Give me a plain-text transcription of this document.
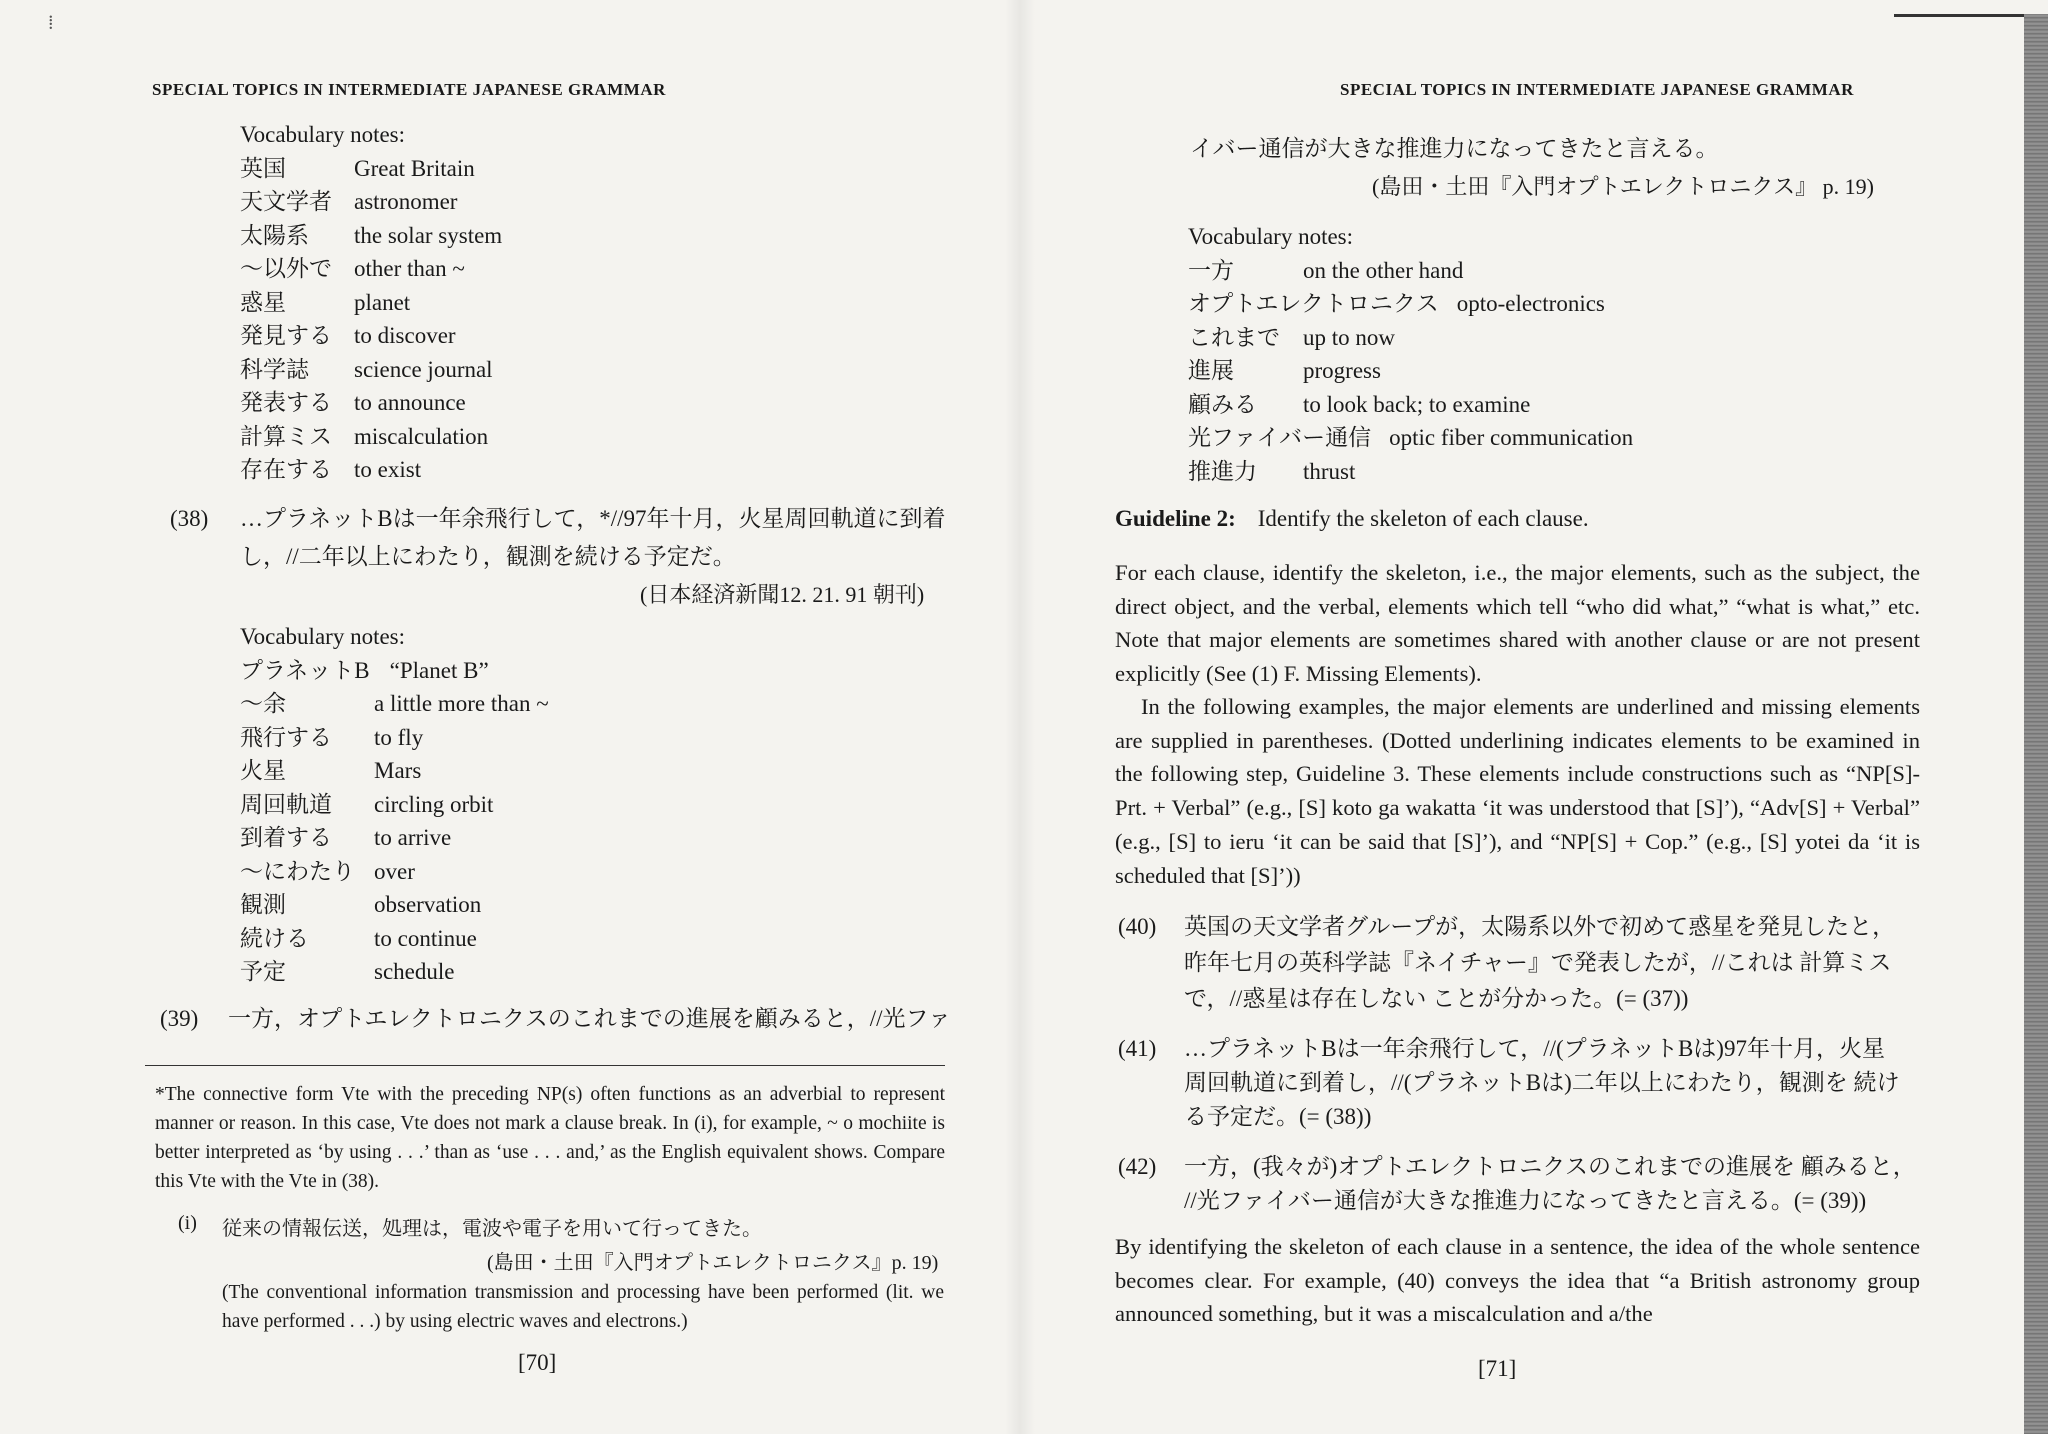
⁞
SPECIAL TOPICS IN INTERMEDIATE JAPANESE GRAMMAR
Vocabulary notes:
英国	Great Britain
天文学者 astronomer
太陽系 the solar system
～以外で other than ~
惑星	planet
発見する to discover
科学誌 science journal
発表する to announce
計算ミス miscalculation
存在する to exist
(38) …プラネットBは一年余飛行して，*//97年十月，火星周回軌道に到着
し，//二年以上にわたり，観測を続ける予定だ。
(日本経済新聞12. 21. 91 朝刊)
Vocabulary notes:
プラネットB “Planet B”
～余	a little more than ~
飛行する to fly
火星	Mars
周回軌道 circling orbit
到着する to arrive
～にわたり over
観測	observation
続ける	to continue
予定	schedule
(39) 一方，オプトエレクトロニクスのこれまでの進展を顧みると，//光ファ
*The connective form Vte with the preceding NP(s) often functions as an adverbial to represent manner or reason. In this case, Vte does not mark a clause break. In (i), for example, ~ o mochiite is better interpreted as ‘by using . . .’ than as ‘use . . . and,’ as the English equivalent shows. Compare this Vte with the Vte in (38).
(i) 従来の情報伝送，処理は，電波や電子を用いて行ってきた。
(島田・土田『入門オプトエレクトロニクス』p. 19)
(The conventional information transmission and processing have been performed (lit. we have performed . . .) by using electric waves and electrons.)
[70]
SPECIAL TOPICS IN INTERMEDIATE JAPANESE GRAMMAR
イバー通信が大きな推進力になってきたと言える。
(島田・土田『入門オプトエレクトロニクス』 p. 19)
Vocabulary notes:
一方	on the other hand
オプトエレクトロニクス opto-electronics
これまで up to now
進展	progress
顧みる to look back; to examine
光ファイバー通信 optic fiber communication
推進力 thrust
Guideline 2: Identify the skeleton of each clause.
For each clause, identify the skeleton, i.e., the major elements, such as the subject, the direct object, and the verbal, elements which tell “who did what,” “what is what,” etc. Note that major elements are sometimes shared with another clause or are not present explicitly (See (1) F. Missing Elements).
In the following examples, the major elements are underlined and missing elements are supplied in parentheses. (Dotted underlining indicates elements to be examined in the following step, Guideline 3. These elements include constructions such as “NP[S]-Prt. + Verbal” (e.g., [S] koto ga wakatta ‘it was understood that [S]’), “Adv[S] + Verbal” (e.g., [S] to ieru ‘it can be said that [S]’), and “NP[S] + Cop.” (e.g., [S] yotei da ‘it is scheduled that [S]’))
(40) 英国の天文学者グループが，太陽系以外で初めて惑星を発見したと，
昨年七月の英科学誌『ネイチャー』で発表したが，//これは 計算ミス
で，//惑星は存在しない ことが分かった。(= (37))
(41) …プラネットBは一年余飛行して，//(プラネットBは)97年十月，火星
周回軌道に到着し，//(プラネットBは)二年以上にわたり，観測を 続け
る予定だ。(= (38))
(42) 一方，(我々が)オプトエレクトロニクスのこれまでの進展を 顧みると，
//光ファイバー通信が大きな推進力になってきたと言える。(= (39))
By identifying the skeleton of each clause in a sentence, the idea of the whole sentence becomes clear. For example, (40) conveys the idea that “a British astronomy group announced something, but it was a miscalculation and a/the
[71]
